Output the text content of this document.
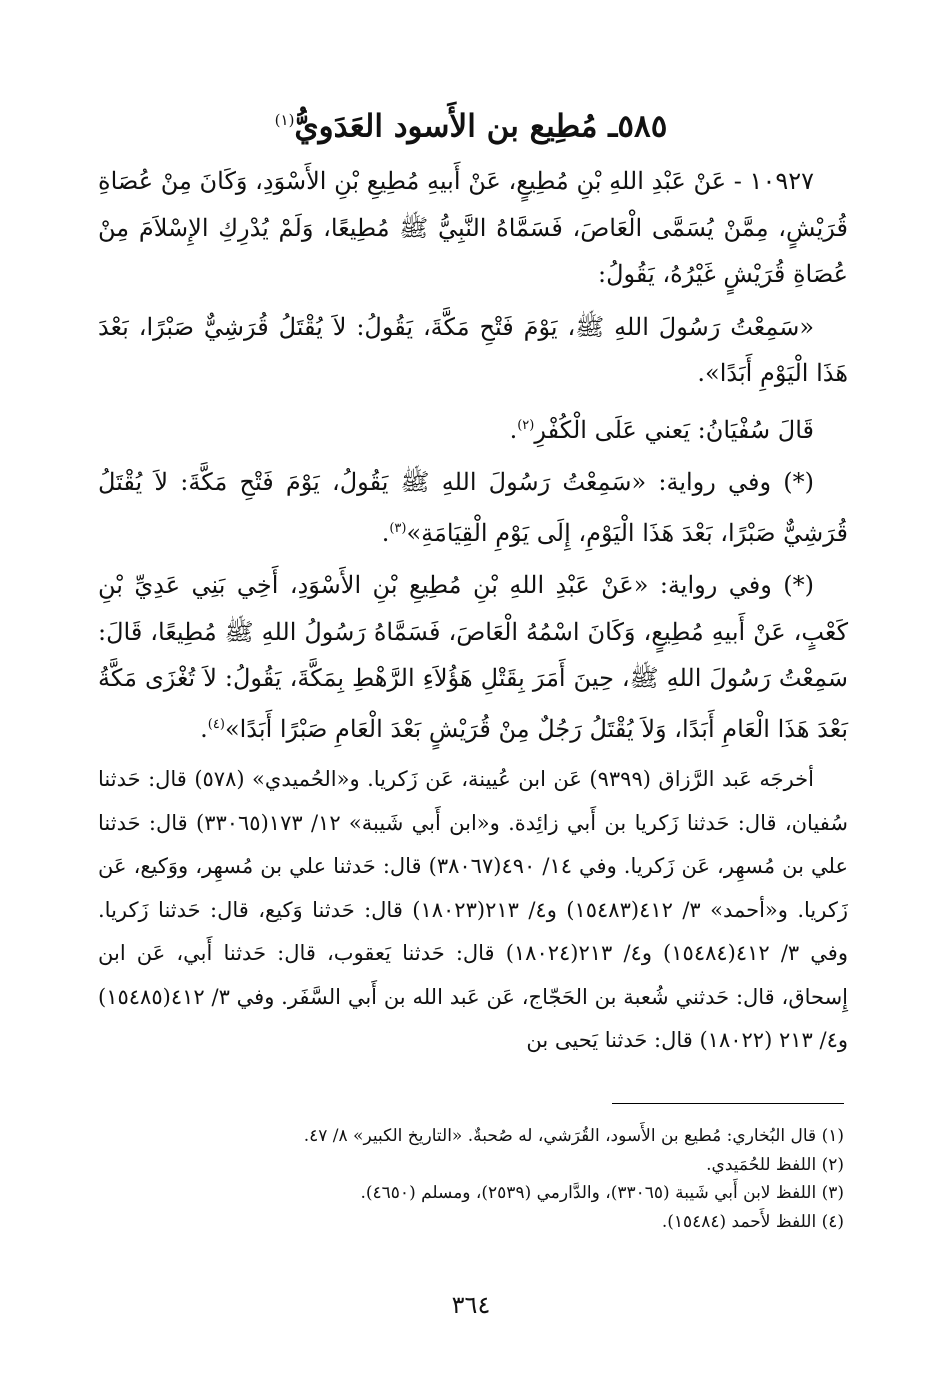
٥٨٥ـ مُطِيع بن الأَسود العَدَويُّ$^{(١)}$

١٠٩٢٧ - عَنْ عَبْدِ اللهِ بْنِ مُطِيعٍ، عَنْ أَبيهِ مُطِيعِ بْنِ الأَسْوَدِ، وَكَانَ مِنْ عُصَاةِ قُرَيْشٍ، مِمَّنْ يُسَمَّى الْعَاصَ، فَسَمَّاهُ النَّبِيُّ ﷺ مُطِيعًا، وَلَمْ يُدْرِكِ الإِسْلاَمَ مِنْ عُصَاةِ قُرَيْشٍ غَيْرُهُ، يَقُولُ:

«سَمِعْتُ رَسُولَ اللهِ ﷺ، يَوْمَ فَتْحِ مَكَّةَ، يَقُولُ: لاَ يُقْتَلُ قُرَشِيٌّ صَبْرًا، بَعْدَ هَذَا الْيَوْمِ أَبَدًا».

قَالَ سُفْيَانُ: يَعني عَلَى الْكُفْرِ$^{(٢)}$.

(*) وفي رواية: «سَمِعْتُ رَسُولَ اللهِ ﷺ يَقُولُ، يَوْمَ فَتْحِ مَكَّةَ: لاَ يُقْتَلُ قُرَشِيٌّ صَبْرًا، بَعْدَ هَذَا الْيَوْمِ، إِلَى يَوْمِ الْقِيَامَةِ»$^{(٣)}$.

(*) وفي رواية: «عَنْ عَبْدِ اللهِ بْنِ مُطِيعِ بْنِ الأَسْوَدِ، أَخِي بَنِي عَدِيِّ بْنِ كَعْبٍ، عَنْ أَبيهِ مُطِيعٍ، وَكَانَ اسْمُهُ الْعَاصَ، فَسَمَّاهُ رَسُولُ اللهِ ﷺ مُطِيعًا، قَالَ: سَمِعْتُ رَسُولَ اللهِ ﷺ، حِينَ أَمَرَ بِقَتْلِ هَؤُلاَءِ الرَّهْطِ بِمَكَّةَ، يَقُولُ: لاَ تُغْزَى مَكَّةُ بَعْدَ هَذَا الْعَامِ أَبَدًا، وَلاَ يُقْتَلُ رَجُلٌ مِنْ قُرَيْشٍ بَعْدَ الْعَامِ صَبْرًا أَبَدًا»$^{(٤)}$.

أخرجَه عَبد الرَّزاق (٩٣٩٩) عَن ابن عُيينة، عَن زَكريا. و«الحُميدي» (٥٧٨) قال: حَدثنا سُفيان، قال: حَدثنا زَكريا بن أَبي زائِدة. و«ابن أَبي شَيبة» ١٢/ ١٧٣(٣٣٠٦٥) قال: حَدثنا علي بن مُسهِر، عَن زَكريا. وفي ١٤/ ٤٩٠(٣٨٠٦٧) قال: حَدثنا علي بن مُسهِر، ووَكيع، عَن زَكريا. و«أحمد» ٣/ ٤١٢(١٥٤٨٣) و٤/ ٢١٣(١٨٠٢٣) قال: حَدثنا وَكيع، قال: حَدثنا زَكريا. وفي ٣/ ٤١٢(١٥٤٨٤) و٤/ ٢١٣(١٨٠٢٤) قال: حَدثنا يَعقوب، قال: حَدثنا أَبي، عَن ابن إِسحاق، قال: حَدثني شُعبة بن الحَجّاج، عَن عَبد الله بن أَبي السَّفَر. وفي ٣/ ٤١٢(١٥٤٨٥) و٤/ ٢١٣ (١٨٠٢٢) قال: حَدثنا يَحيى بن

(١) قال البُخاري: مُطيع بن الأَسود، القُرَشي، له صُحبةٌ. «التاريخ الكبير» ٨/ ٤٧.
(٢) اللفظ للحُمَيدي.
(٣) اللفظ لابن أَبي شَيبة (٣٣٠٦٥)، والدَّارمي (٢٥٣٩)، ومسلم (٤٦٥٠).
(٤) اللفظ لأَحمد (١٥٤٨٤).
٣٦٤
